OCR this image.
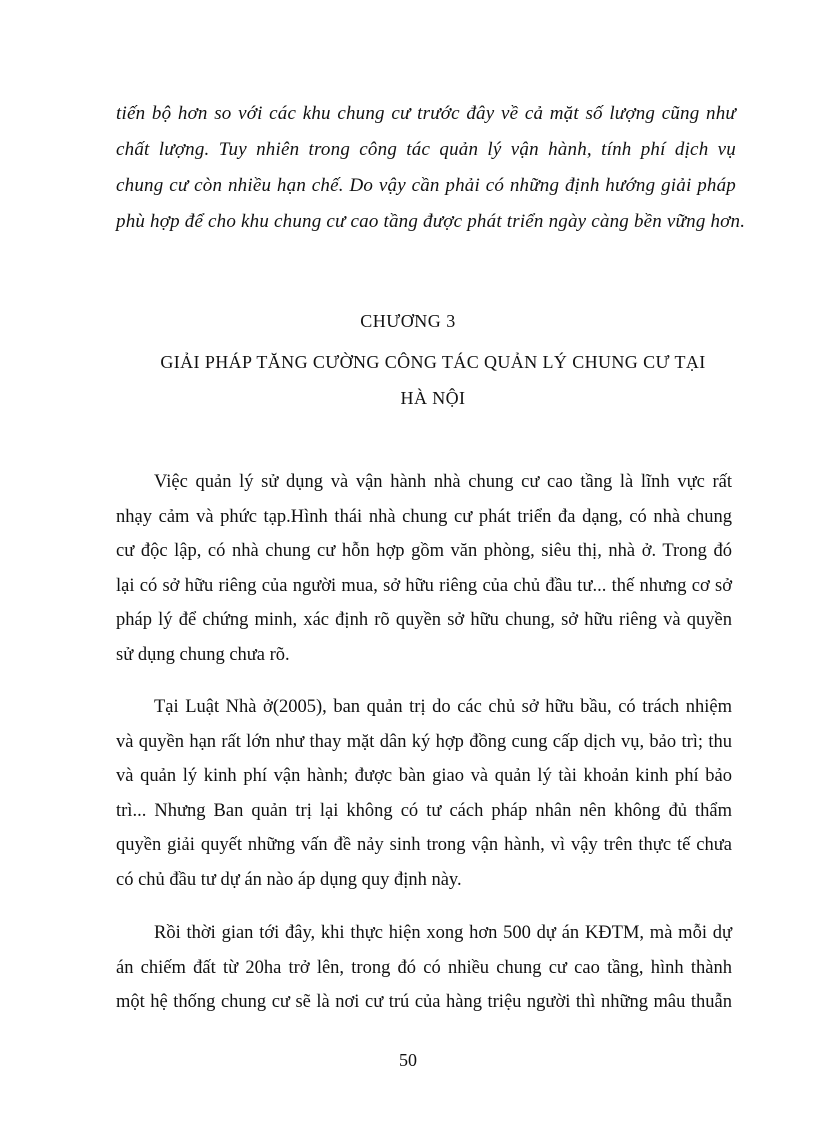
tiến bộ hơn so với các khu chung cư trước đây về cả mặt số lượng cũng như
chất lượng. Tuy nhiên trong công tác quản lý vận hành, tính phí dịch vụ
chung cư còn nhiều hạn chế. Do vậy cần phải có những định hướng giải pháp
phù hợp để cho khu chung cư cao tầng được phát triển ngày càng bền vững hơn.
CHƯƠNG 3
GIẢI PHÁP TĂNG CƯỜNG CÔNG TÁC QUẢN LÝ CHUNG CƯ TẠI
HÀ NỘI
Việc quản lý sử dụng và vận hành nhà chung cư cao tầng là lĩnh vực rất
nhạy cảm và phức tạp.Hình thái nhà chung cư phát triển đa dạng, có nhà chung
cư độc lập, có nhà chung cư hỗn hợp gồm văn phòng, siêu thị, nhà ở. Trong đó
lại có sở hữu riêng của người mua, sở hữu riêng của chủ đầu tư... thế nhưng cơ sở
pháp lý để chứng minh, xác định rõ quyền sở hữu chung, sở hữu riêng và quyền
sử dụng chung chưa rõ.
Tại Luật Nhà ở(2005), ban quản trị do các chủ sở hữu bầu, có trách nhiệm
và quyền hạn rất lớn như thay mặt dân ký hợp đồng cung cấp dịch vụ, bảo trì; thu
và quản lý kinh phí vận hành; được bàn giao và quản lý tài khoản kinh phí bảo
trì... Nhưng Ban quản trị lại không có tư cách pháp nhân nên không đủ thẩm
quyền giải quyết những vấn đề nảy sinh trong vận hành, vì vậy trên thực tế chưa
có chủ đầu tư dự án nào áp dụng quy định này.
Rồi thời gian tới đây, khi thực hiện xong hơn 500 dự án KĐTM, mà mỗi dự
án chiếm đất từ 20ha trở lên, trong đó có nhiều chung cư cao tầng, hình thành
một hệ thống chung cư sẽ là nơi cư trú của hàng triệu người thì những mâu thuẫn
50
